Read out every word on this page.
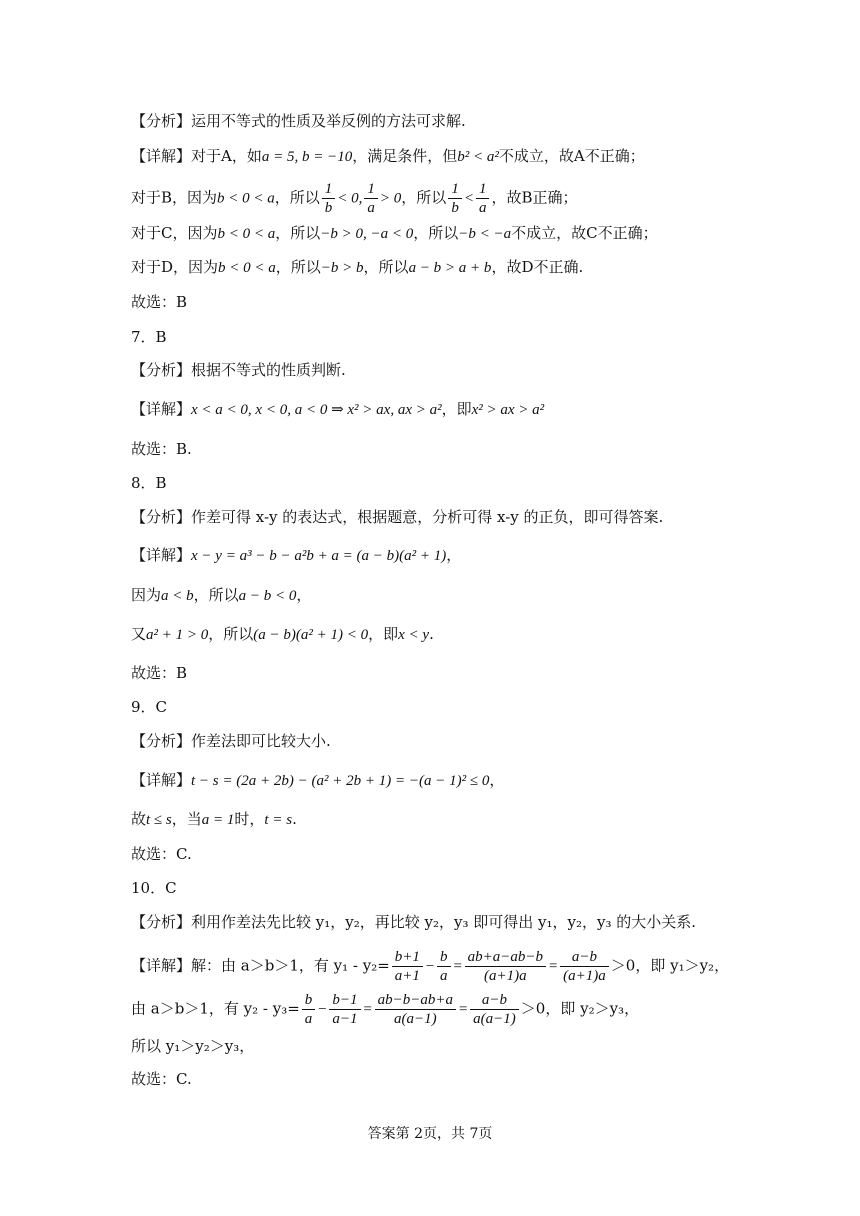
【分析】运用不等式的性质及举反例的方法可求解.
【详解】对于A，如a = 5, b = −10，满足条件，但b² < a²不成立，故A不正确；
对于B，因为b < 0 < a，所以 $\frac{1}{b} < 0$, $\frac{1}{a} > 0$，所以 $\frac{1}{b} < \frac{1}{a}$ ，故B正确；
对于C，因为b < 0 < a，所以−b > 0, −a < 0，所以−b < −a不成立，故C不正确；
对于D，因为b < 0 < a，所以−b > b，所以a − b > a + b，故D不正确.
故选：B
7．B
【分析】根据不等式的性质判断.
【详解】x < a < 0, x < 0, a < 0 ⇒ x² > ax, ax > a²，即x² > ax > a²
故选：B.
8．B
【分析】作差可得 x-y 的表达式，根据题意，分析可得 x-y 的正负，即可得答案.
【详解】x − y = a³ − b − a²b + a = (a − b)(a² + 1)，
因为a < b，所以a − b < 0，
又a² + 1 > 0，所以(a − b)(a² + 1) < 0，即x < y.
故选：B
9．C
【分析】作差法即可比较大小.
【详解】t − s = (2a + 2b) − (a² + 2b + 1) = −(a − 1)² ≤ 0，
故t ≤ s，当a = 1时，t = s.
故选：C.
10．C
【分析】利用作差法先比较 y₁，y₂，再比较 y₂，y₃ 即可得出 y₁，y₂，y₃ 的大小关系.
【详解】解：由 a＞b＞1，有 $y_1 - y_2= \frac{b+1}{a+1} - \frac{b}{a} = \frac{ab+a-ab-b}{(a+1)a} = \frac{a-b}{(a+1)a} >0$，即 y₁＞y₂，
由 a＞b＞1，有 $y_2 - y_3= \frac{b}{a} - \frac{b-1}{a-1} = \frac{ab-b-ab+a}{a(a-1)} = \frac{a-b}{a(a-1)} >0$，即 y₂＞y₃，
所以 y₁＞y₂＞y₃，
故选：C.
答案第 2页，共 7页
